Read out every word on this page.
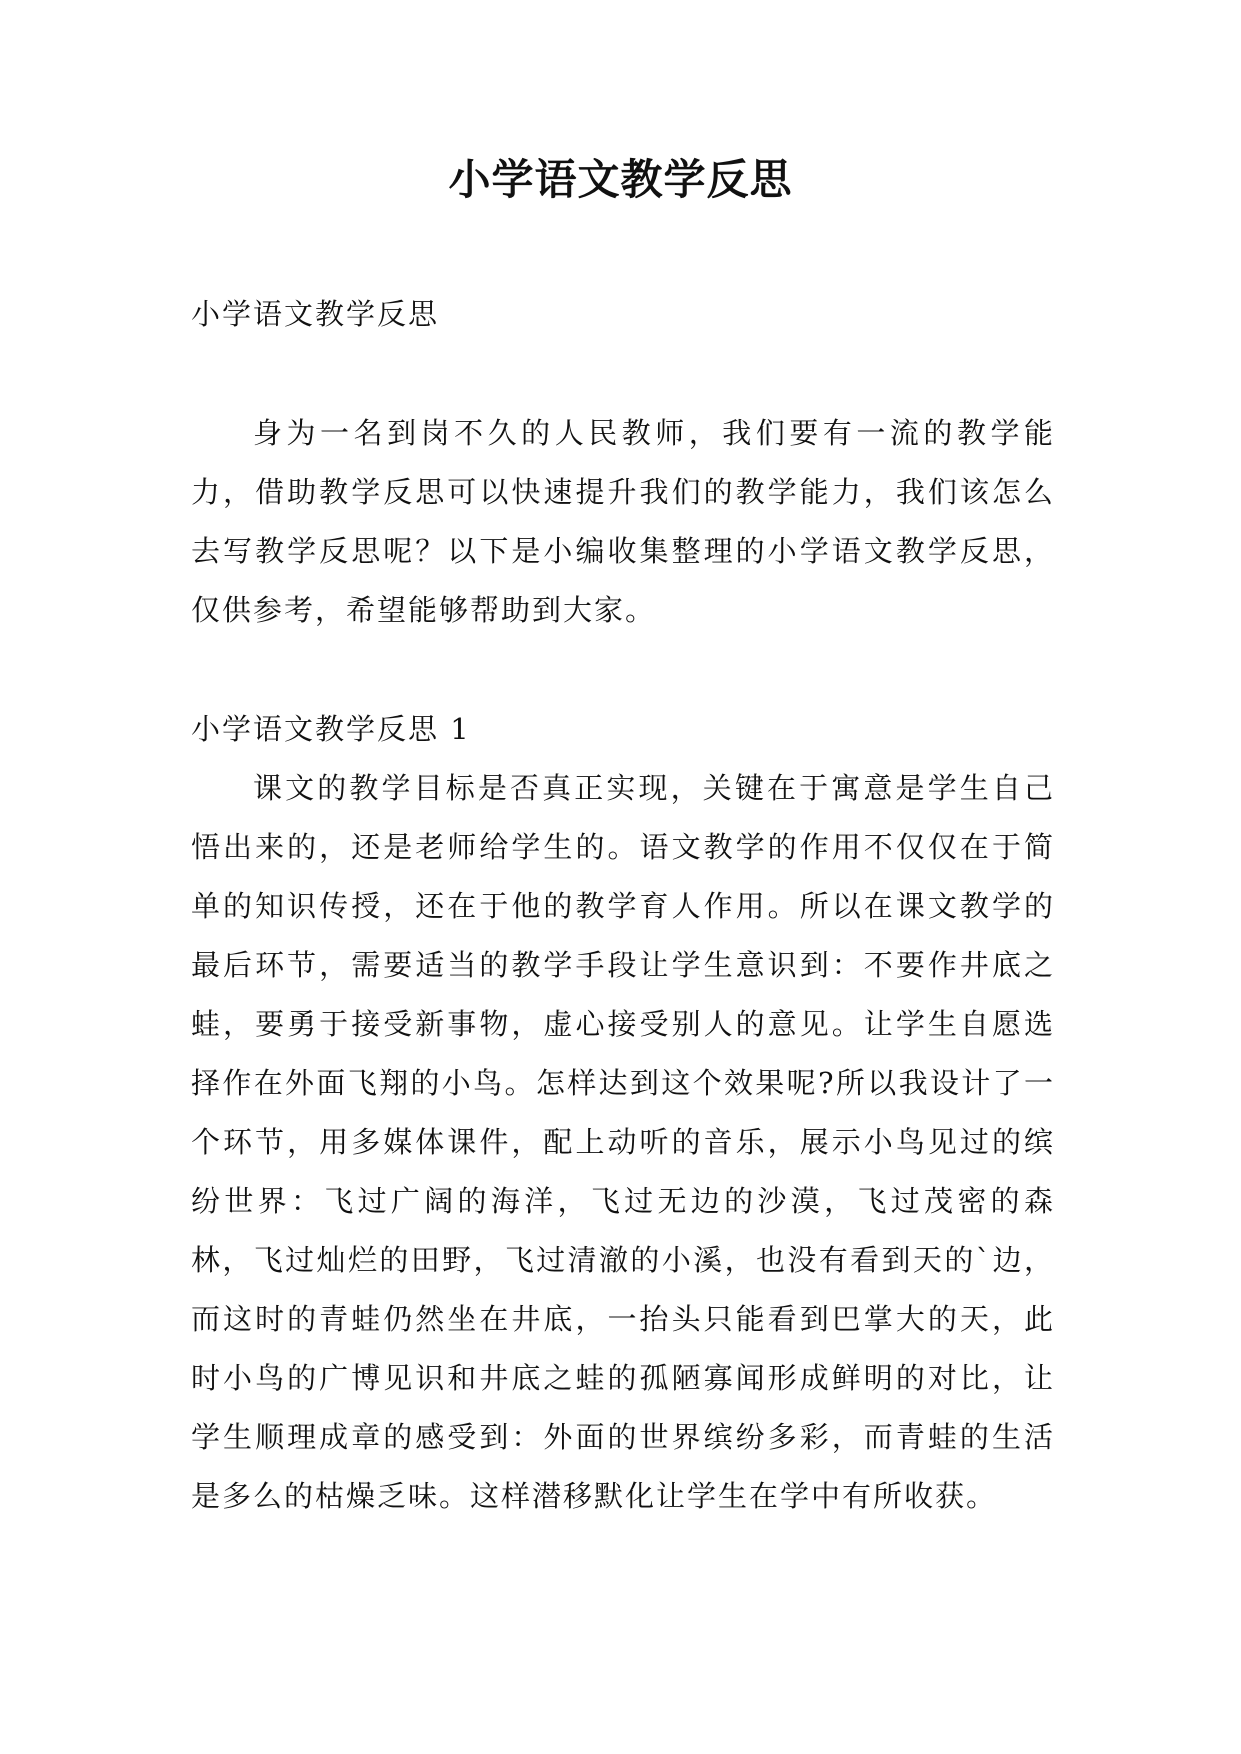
小学语文教学反思

小学语文教学反思

身为一名到岗不久的人民教师，我们要有一流的教学能力，借助教学反思可以快速提升我们的教学能力，我们该怎么去写教学反思呢？以下是小编收集整理的小学语文教学反思，仅供参考，希望能够帮助到大家。

小学语文教学反思 1

课文的教学目标是否真正实现，关键在于寓意是学生自己悟出来的，还是老师给学生的。语文教学的作用不仅仅在于简单的知识传授，还在于他的教学育人作用。所以在课文教学的最后环节，需要适当的教学手段让学生意识到：不要作井底之蛙，要勇于接受新事物，虚心接受别人的意见。让学生自愿选择作在外面飞翔的小鸟。怎样达到这个效果呢?所以我设计了一个环节，用多媒体课件，配上动听的音乐，展示小鸟见过的缤纷世界：飞过广阔的海洋，飞过无边的沙漠，飞过茂密的森林，飞过灿烂的田野，飞过清澈的小溪，也没有看到天的`边，而这时的青蛙仍然坐在井底，一抬头只能看到巴掌大的天，此时小鸟的广博见识和井底之蛙的孤陋寡闻形成鲜明的对比，让学生顺理成章的感受到：外面的世界缤纷多彩，而青蛙的生活是多么的枯燥乏味。这样潜移默化让学生在学中有所收获。
